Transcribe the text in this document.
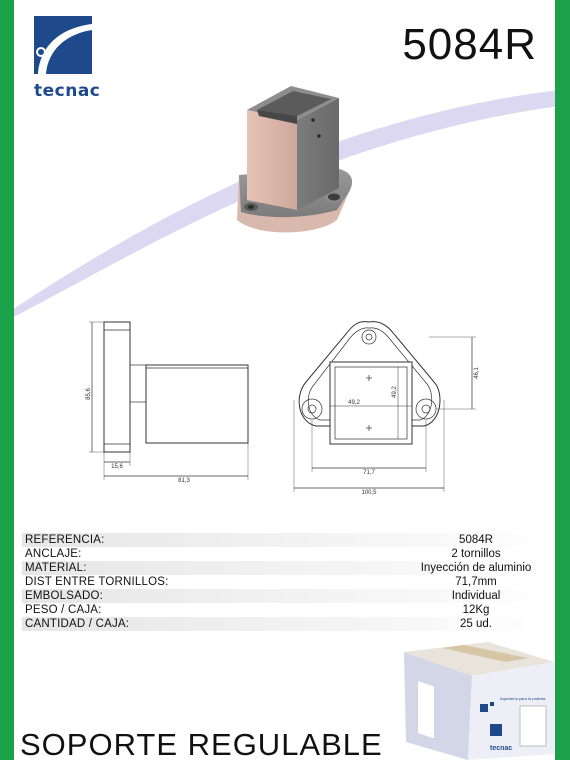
tecnac
5084R
85,6
15,6
81,3
46,1
49,2
49,2
71,7
100,5
REFERENCIA:	5084R
ANCLAJE:	2 tornillos
MATERIAL:	Inyección de aluminio
DIST ENTRE TORNILLOS:	71,7mm
EMBOLSADO:	Individual
PESO / CAJA:	12Kg
CANTIDAD / CAJA:	25 ud.
Ingeniería para la palleria
tecnac
SOPORTE REGULABLE
